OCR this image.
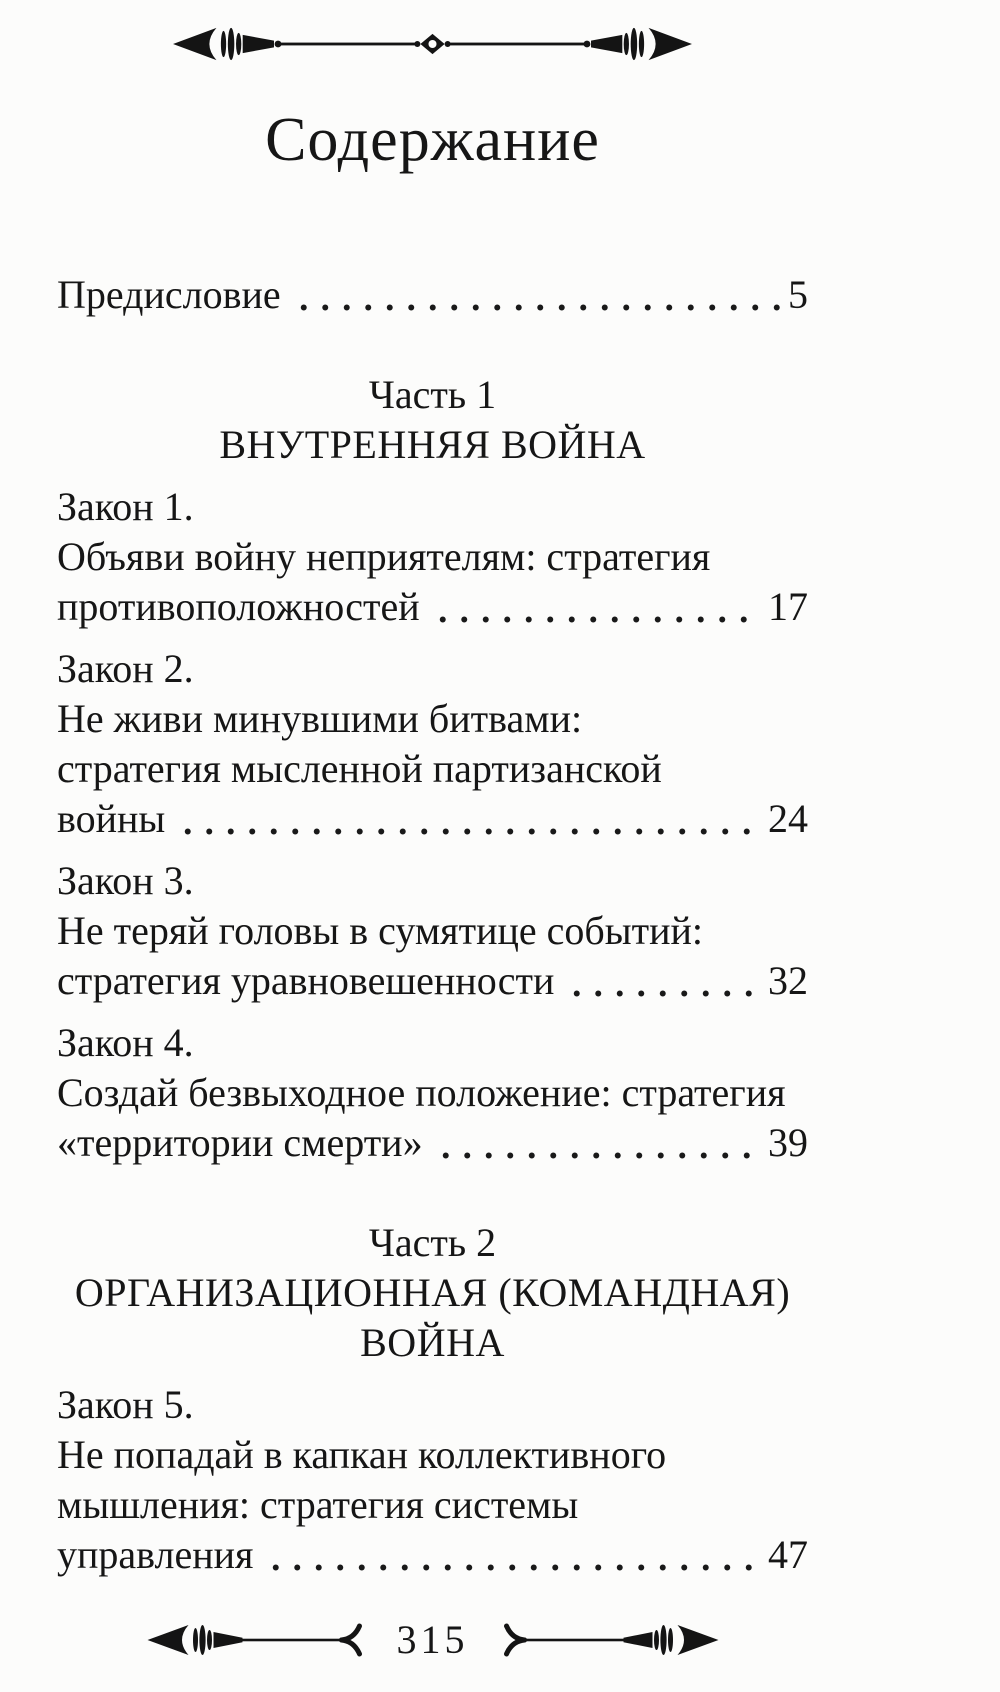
Содержание
Предисловие	5
Часть 1
ВНУТРЕННЯЯ ВОЙНА
Закон 1.
Объяви войну неприятелям: стратегия
противоположностей	17
Закон 2.
Не живи минувшими битвами:
стратегия мысленной партизанской
войны	24
Закон 3.
Не теряй головы в сумятице событий:
стратегия уравновешенности	32
Закон 4.
Создай безвыходное положение: стратегия
«территории смерти»	39
Часть 2
ОРГАНИЗАЦИОННАЯ (КОМАНДНАЯ) ВОЙНА
Закон 5.
Не попадай в капкан коллективного
мышления: стратегия системы
управления	47
315
